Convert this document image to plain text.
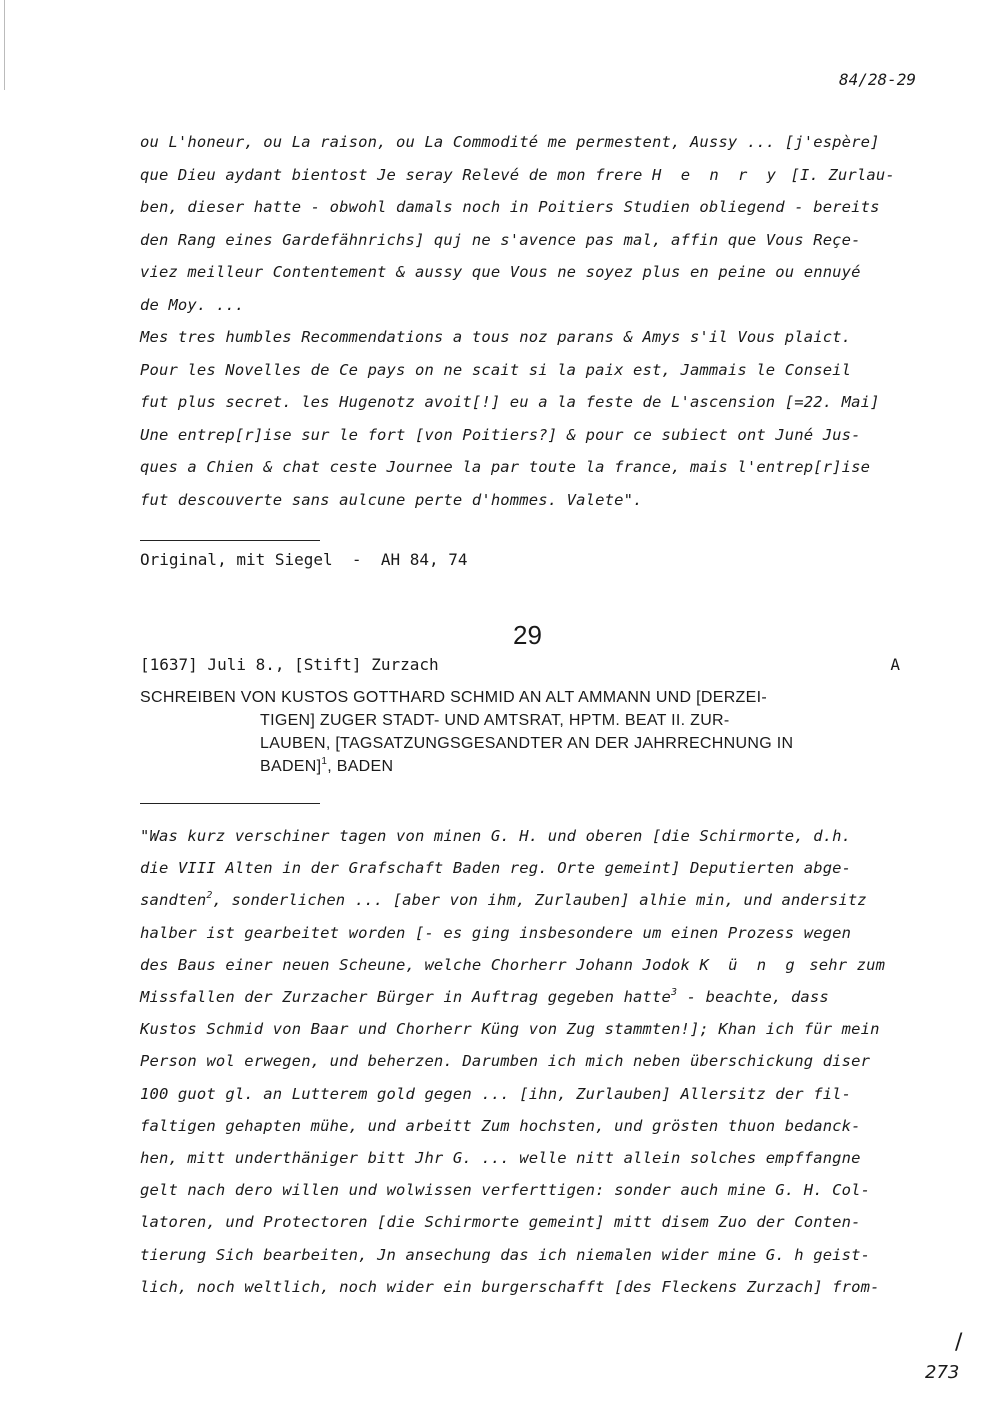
84/28-29

ou L'honeur, ou La raison, ou La Commodité me permestent, Aussy ... [j'espère]

que Dieu aydant bientost Je seray Relevé de mon frere H e n r y [I. Zurlau-

ben, dieser hatte - obwohl damals noch in Poitiers Studien obliegend - bereits

den Rang eines Gardefähnrichs] quj ne s'avence pas mal, affin que Vous Reçe-

viez meilleur Contentement & aussy que Vous ne soyez plus en peine ou ennuyé

de Moy. ...

Mes tres humbles Recommendations a tous noz parans & Amys s'il Vous plaict.

Pour les Novelles de Ce pays on ne scait si la paix est, Jammais le Conseil

fut plus secret. les Hugenotz avoit[!] eu a la feste de L'ascension [=22. Mai]

Une entrep[r]ise sur le fort [von Poitiers?] & pour ce subiect ont Juné Jus-

ques a Chien & chat ceste Journee la par toute la france, mais l'entrep[r]ise

fut descouverte sans aulcune perte d'hommes. Valete".

Original, mit Siegel  -  AH 84, 74
29
[1637] Juli 8., [Stift] Zurzach	A
SCHREIBEN VON KUSTOS GOTTHARD SCHMID AN ALT AMMANN UND [DERZEI-

TIGEN] ZUGER STADT- UND AMTSRAT, HPTM. BEAT II. ZUR-

LAUBEN, [TAGSATZUNGSGESANDTER AN DER JAHRRECHNUNG IN

BADEN]$^1$, BADEN

"Was kurz verschiner tagen von minen G. H. und oberen [die Schirmorte, d.h.

die VIII Alten in der Grafschaft Baden reg. Orte gemeint] Deputierten abge-

sandten$^2$, sonderlichen ... [aber von ihm, Zurlauben] alhie min, und andersitz

halber ist gearbeitet worden [- es ging insbesondere um einen Prozess wegen

des Baus einer neuen Scheune, welche Chorherr Johann Jodok K ü n g sehr zum

Missfallen der Zurzacher Bürger in Auftrag gegeben hatte$^3$ - beachte, dass

Kustos Schmid von Baar und Chorherr Küng von Zug stammten!]; Khan ich für mein

Person wol erwegen, und beherzen. Darumben ich mich neben überschickung diser

100 guot gl. an Lutterem gold gegen ... [ihn, Zurlauben] Allersitz der fil-

faltigen gehapten mühe, und arbeitt Zum hochsten, und grösten thuon bedanck-

hen, mitt underthäniger bitt Jhr G. ... welle nitt allein solches empffangne

gelt nach dero willen und wolwissen verferttigen: sonder auch mine G. H. Col-

latoren, und Protectoren [die Schirmorte gemeint] mitt disem Zuo der Conten-

tierung Sich bearbeiten, Jn ansechung das ich niemalen wider mine G. h geist-

lich, noch weltlich, noch wider ein burgerschafft [des Fleckens Zurzach] from-

/
273
